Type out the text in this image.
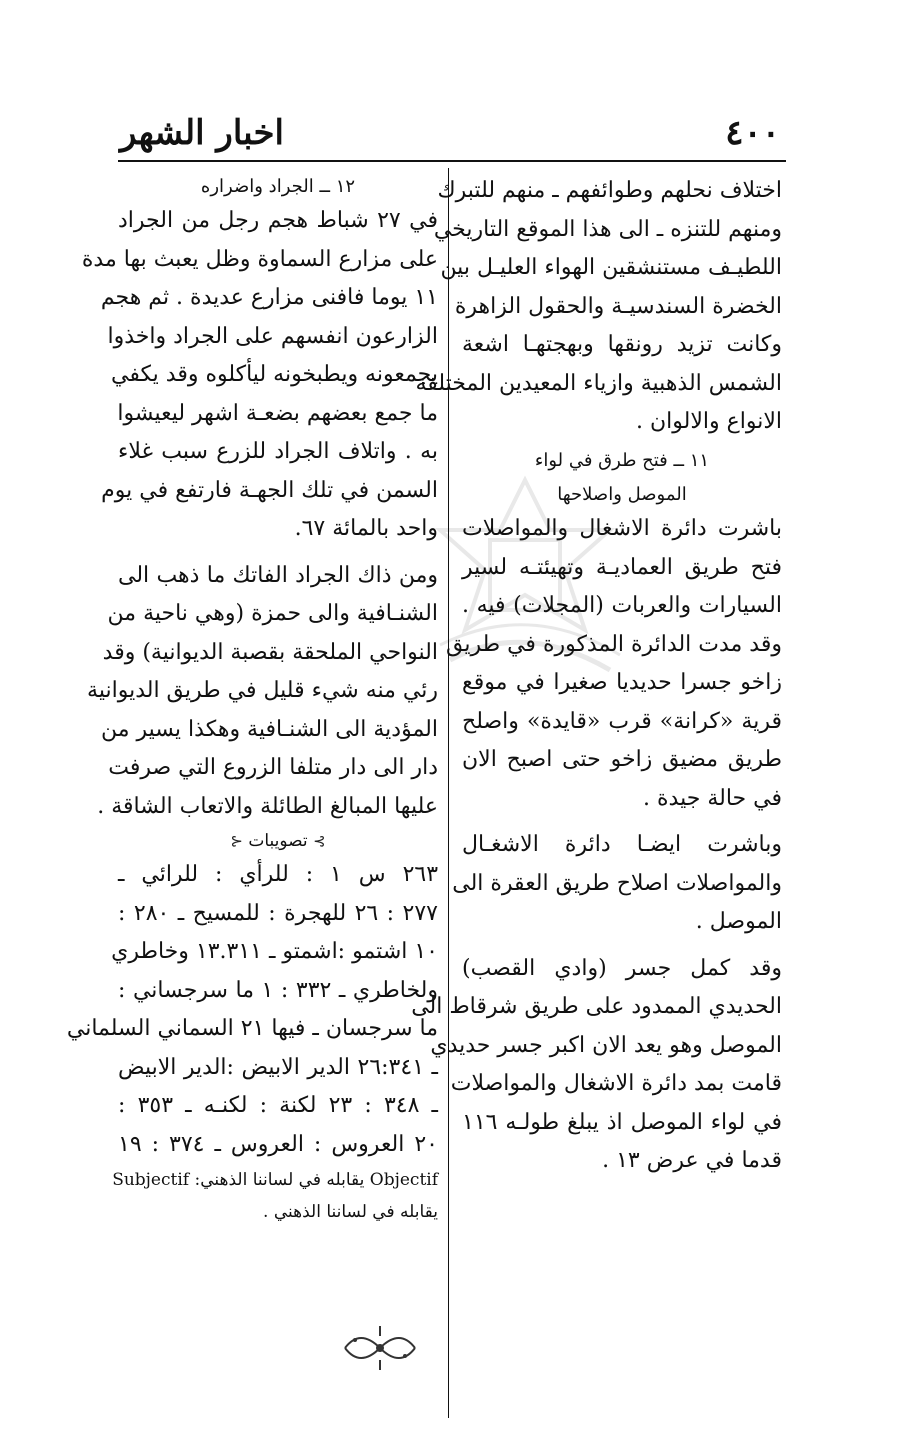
٤٠٠
اخبار الشهر
اختلاف نحلهم وطوائفهم ـ منهم للتبرك
ومنهم للتنزه ـ الى هذا الموقع التاريخي
اللطيـف مستنشقين الهواء العليـل بين
الخضرة السندسيـة والحقول الزاهرة
وكانت تزيد رونقها وبهجتهـا اشعة
الشمس الذهبية وازياء المعيدين المختلفة
الانواع والالوان .
١١ ــ فتح طرق في لواء
الموصل واصلاحها
باشرت دائرة الاشغال والمواصلات
فتح طريق العماديـة وتهيئتـه لسير
السيارات والعربات (المجلات) فيه .
وقد مدت الدائرة المذكورة في طريق
زاخو جسرا حديديا صغيرا في موقع
قرية «كرانة» قرب «قايدة» واصلح
طريق مضيق زاخو حتى اصبح الان
في حالة جيدة .
وباشرت ايضـا دائرة الاشغـال
والمواصلات اصلاح طريق العقرة الى
الموصل .
وقد كمل جسر (وادي القصب)
الحديدي الممدود على طريق شرقاط الى
الموصل وهو يعد الان اكبر جسر حديدي
قامت بمد دائرة الاشغال والمواصلات
في لواء الموصل اذ يبلغ طولـه ١١٦
قدما في عرض ١٣ .
١٢ ــ الجراد واضراره
في ٢٧ شباط هجم رجل من الجراد
على مزارع السماوة وظل يعبث بها مدة
١١ يوما فافنى مزارع عديدة . ثم هجم
الزارعون انفسهم على الجراد واخذوا
يجمعونه ويطبخونه ليأكلوه وقد يكفي
ما جمع بعضهم بضعـة اشهر ليعيشوا
به . واتلاف الجراد للزرع سبب غلاء
السمن في تلك الجهـة فارتفع في يوم
واحد بالمائة ٦٧.
ومن ذاك الجراد الفاتك ما ذهب الى
الشنـافية والى حمزة (وهي ناحية من
النواحي الملحقة بقصبة الديوانية) وقد
رئي منه شيء قليل في طريق الديوانية
المؤدية الى الشنـافية وهكذا يسير من
دار الى دار متلفا الزروع التي صرفت
عليها المبالغ الطائلة والاتعاب الشاقة .
⊱ تصويبات ⊰
٢٦٣ س ١ : للرأي : للرائي ـ
٢٧٧ : ٢٦ للهجرة : للمسيح ـ ٢٨٠ :
١٠ اشتمو :اشمتو ـ ١٣.٣١١ وخاطري
ولخاطري ـ ٣٣٢ : ١ ما سرجساني :
ما سرجسان ـ فيها ٢١ السماني السلماني
ـ ٢٦:٣٤١ الدير الابيض :الدير الابيض
ـ ٣٤٨ : ٢٣ لكنة : لكنـه ـ ٣٥٣ :
٢٠ العروس : العروس ـ ٣٧٤ : ١٩
Objectif يقابله في لساننا الذهني: Subjectif
يقابله في لساننا الذهني .
